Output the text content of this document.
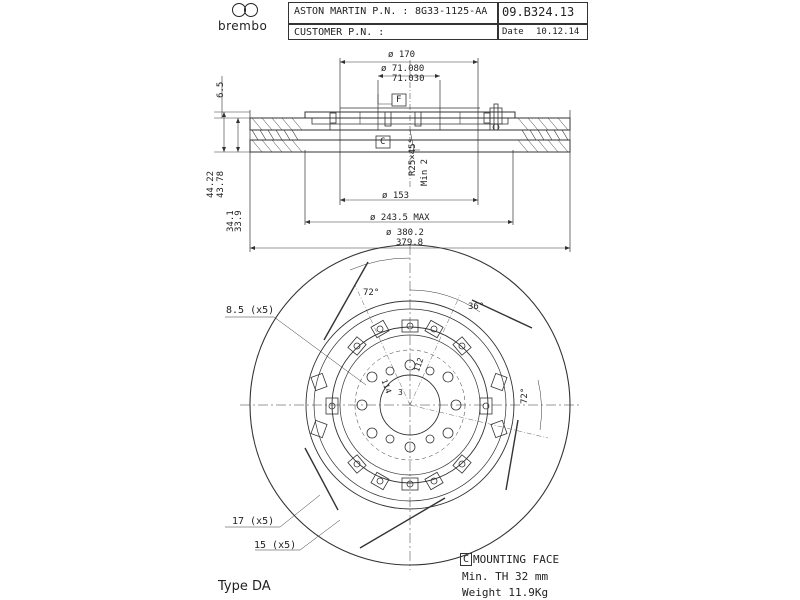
brembo
ASTON MARTIN P.N. : 8G33-1125-AA
CUSTOMER P.N. :
09.B324.13
Date 10.12.14
ø 170
ø 71.080
71.030
F
C	R25×45° Min 2
ø 153
ø 243.5 MAX
ø 380.2
379.8
6.5
44.22 43.78
34.1
33.9
72°
36°
72°
8.5 (x5)
17 (x5)
15 (x5)
114
112
3
C MOUNTING FACE
Min. TH 32 mm
Weight 11.9Kg
Type DA
